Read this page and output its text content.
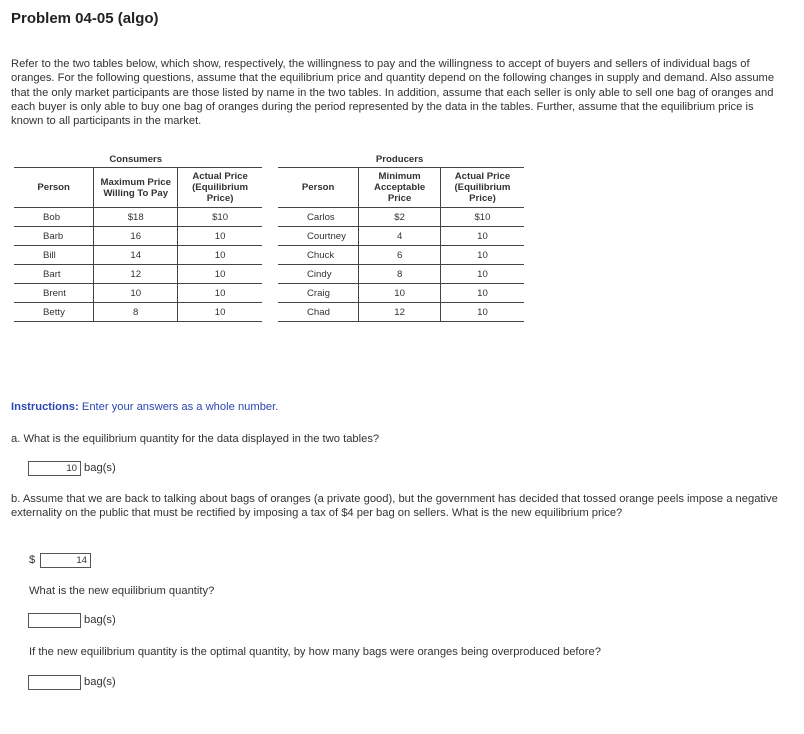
Problem 04-05 (algo)
Refer to the two tables below, which show, respectively, the willingness to pay and the willingness to accept of buyers and sellers of individual bags of oranges. For the following questions, assume that the equilibrium price and quantity depend on the following changes in supply and demand. Also assume that the only market participants are those listed by name in the two tables. In addition, assume that each seller is only able to sell one bag of oranges and each buyer is only able to buy one bag of oranges during the period represented by the data in the tables. Further, assume that the equilibrium price is known to all participants in the market.
	Consumers	
Person	Maximum Price Willing To Pay	Actual Price (Equilibrium Price)
Bob	$18	$10
Barb	16	10
Bill	14	10
Bart	12	10
Brent	10	10
Betty	8	10
	Producers	
Person	Minimum Acceptable Price	Actual Price (Equilibrium Price)
Carlos	$2	$10
Courtney	4	10
Chuck	6	10
Cindy	8	10
Craig	10	10
Chad	12	10
Instructions: Enter your answers as a whole number.
a. What is the equilibrium quantity for the data displayed in the two tables?
10 bag(s)
b. Assume that we are back to talking about bags of oranges (a private good), but the government has decided that tossed orange peels impose a negative externality on the public that must be rectified by imposing a tax of $4 per bag on sellers. What is the new equilibrium price?
$	14
What is the new equilibrium quantity?
bag(s)
If the new equilibrium quantity is the optimal quantity, by how many bags were oranges being overproduced before?
bag(s)
